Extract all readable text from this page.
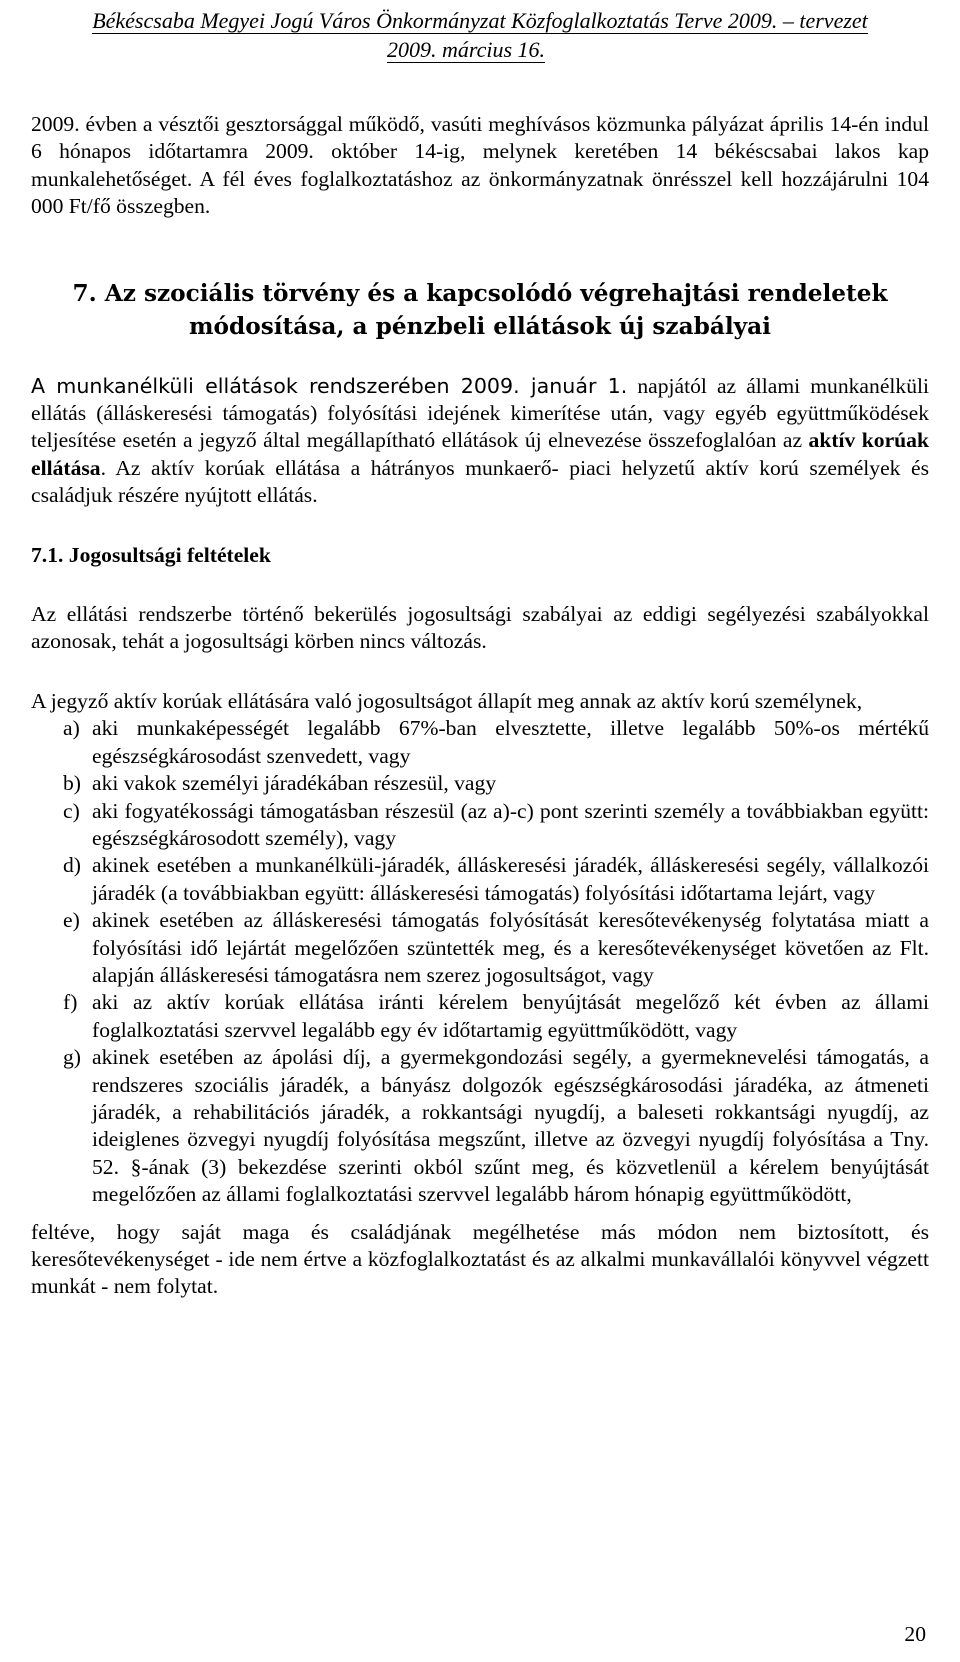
Békéscsaba Megyei Jogú Város Önkormányzat Közfoglalkoztatás Terve 2009. – tervezet
2009. március 16.

2009. évben a vésztői gesztorsággal működő, vasúti meghívásos közmunka pályázat április 14-én indul 6 hónapos időtartamra 2009. október 14-ig, melynek keretében 14 békéscsabai lakos kap munkalehetőséget. A fél éves foglalkoztatáshoz az önkormányzatnak önrésszel kell hozzájárulni 104 000 Ft/fő összegben.

7. Az szociális törvény és a kapcsolódó végrehajtási rendeletek
módosítása, a pénzbeli ellátások új szabályai

A munkanélküli ellátások rendszerében 2009. január 1. napjától az állami munkanélküli ellátás (álláskeresési támogatás) folyósítási idejének kimerítése után, vagy egyéb együttműködések teljesítése esetén a jegyző által megállapítható ellátások új elnevezése összefoglalóan az aktív korúak ellátása. Az aktív korúak ellátása a hátrányos munkaerő- piaci helyzetű aktív korú személyek és családjuk részére nyújtott ellátás.

7.1. Jogosultsági feltételek

Az ellátási rendszerbe történő bekerülés jogosultsági szabályai az eddigi segélyezési szabályokkal azonosak, tehát a jogosultsági körben nincs változás.

A jegyző aktív korúak ellátására való jogosultságot állapít meg annak az aktív korú személynek,

a) aki munkaképességét legalább 67%-ban elvesztette, illetve legalább 50%-os mértékű egészségkárosodást szenvedett, vagy
b) aki vakok személyi járadékában részesül, vagy
c) aki fogyatékossági támogatásban részesül (az a)-c) pont szerinti személy a továbbiakban együtt: egészségkárosodott személy), vagy
d) akinek esetében a munkanélküli-járadék, álláskeresési járadék, álláskeresési segély, vállalkozói járadék (a továbbiakban együtt: álláskeresési támogatás) folyósítási időtartama lejárt, vagy
e) akinek esetében az álláskeresési támogatás folyósítását keresőtevékenység folytatása miatt a folyósítási idő lejártát megelőzően szüntették meg, és a keresőtevékenységet követően az Flt. alapján álláskeresési támogatásra nem szerez jogosultságot, vagy
f) aki az aktív korúak ellátása iránti kérelem benyújtását megelőző két évben az állami foglalkoztatási szervvel legalább egy év időtartamig együttműködött, vagy
g) akinek esetében az ápolási díj, a gyermekgondozási segély, a gyermeknevelési támogatás, a rendszeres szociális járadék, a bányász dolgozók egészségkárosodási járadéka, az átmeneti járadék, a rehabilitációs járadék, a rokkantsági nyugdíj, a baleseti rokkantsági nyugdíj, az ideiglenes özvegyi nyugdíj folyósítása megszűnt, illetve az özvegyi nyugdíj folyósítása a Tny. 52. §-ának (3) bekezdése szerinti okból szűnt meg, és közvetlenül a kérelem benyújtását megelőzően az állami foglalkoztatási szervvel legalább három hónapig együttműködött,

feltéve, hogy saját maga és családjának megélhetése más módon nem biztosított, és keresőtevékenységet - ide nem értve a közfoglalkoztatást és az alkalmi munkavállalói könyvvel végzett munkát - nem folytat.

20
